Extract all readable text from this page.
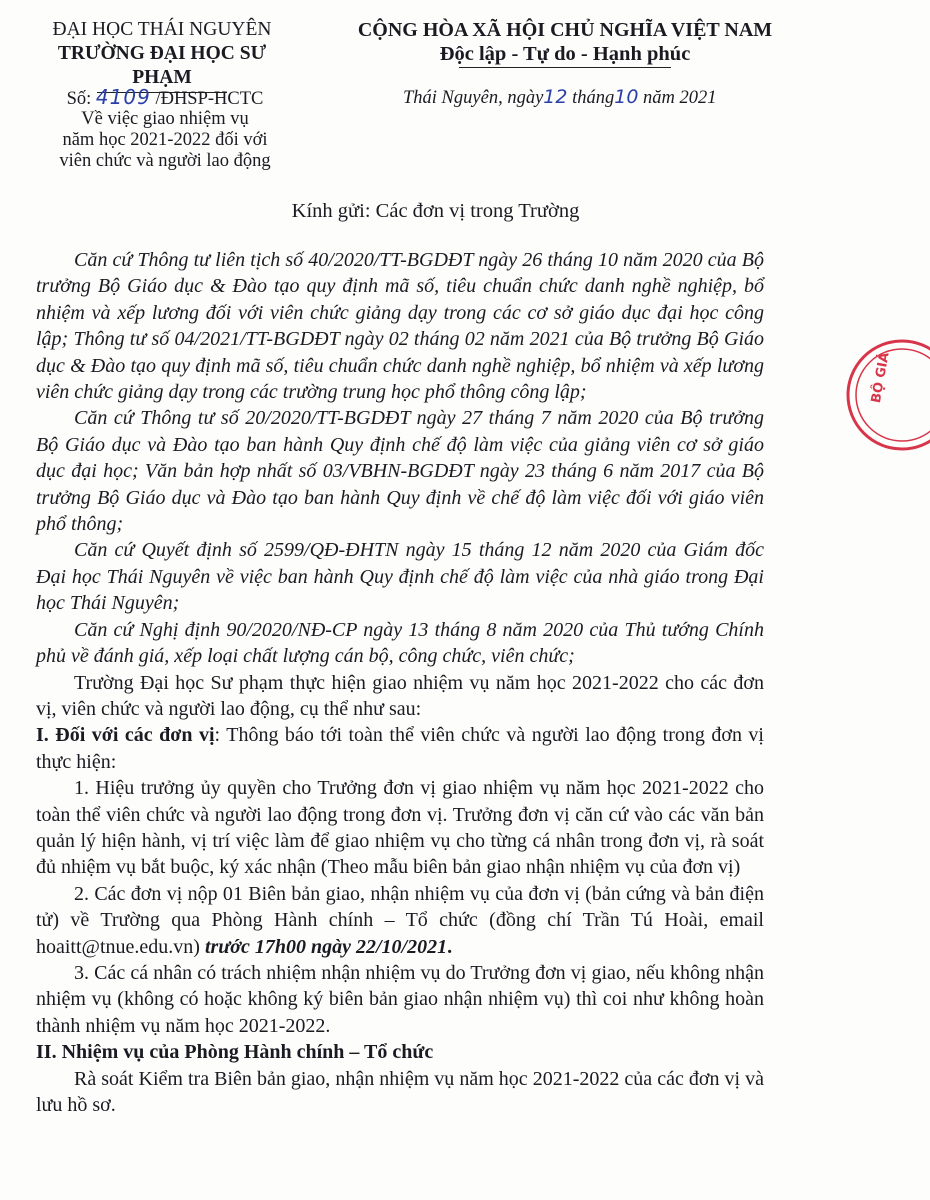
ĐẠI HỌC THÁI NGUYÊN
TRƯỜNG ĐẠI HỌC SƯ PHẠM
CỘNG HÒA XÃ HỘI CHỦ NGHĨA VIỆT NAM
Độc lập - Tự do - Hạnh phúc
Số: 4109 /ĐHSP-HCTC
Về việc giao nhiệm vụ
năm học 2021-2022 đối với
viên chức và người lao động
Thái Nguyên, ngày12 tháng10 năm 2021
Kính gửi: Các đơn vị trong Trường

Căn cứ Thông tư liên tịch số 40/2020/TT-BGDĐT ngày 26 tháng 10 năm 2020 của Bộ trưởng Bộ Giáo dục & Đào tạo quy định mã số, tiêu chuẩn chức danh nghề nghiệp, bổ nhiệm và xếp lương đối với viên chức giảng dạy trong các cơ sở giáo dục đại học công lập; Thông tư số 04/2021/TT-BGDĐT ngày 02 tháng 02 năm 2021 của Bộ trưởng Bộ Giáo dục & Đào tạo quy định mã số, tiêu chuẩn chức danh nghề nghiệp, bổ nhiệm và xếp lương viên chức giảng dạy trong các trường trung học phổ thông công lập;

Căn cứ Thông tư số 20/2020/TT-BGDĐT ngày 27 tháng 7 năm 2020 của Bộ trưởng Bộ Giáo dục và Đào tạo ban hành Quy định chế độ làm việc của giảng viên cơ sở giáo dục đại học; Văn bản hợp nhất số 03/VBHN-BGDĐT ngày 23 tháng 6 năm 2017 của Bộ trưởng Bộ Giáo dục và Đào tạo ban hành Quy định về chế độ làm việc đối với giáo viên phổ thông;

Căn cứ Quyết định số 2599/QĐ-ĐHTN ngày 15 tháng 12 năm 2020 của Giám đốc Đại học Thái Nguyên về việc ban hành Quy định chế độ làm việc của nhà giáo trong Đại học Thái Nguyên;

Căn cứ Nghị định 90/2020/NĐ-CP ngày 13 tháng 8 năm 2020 của Thủ tướng Chính phủ về đánh giá, xếp loại chất lượng cán bộ, công chức, viên chức;

Trường Đại học Sư phạm thực hiện giao nhiệm vụ năm học 2021-2022 cho các đơn vị, viên chức và người lao động, cụ thể như sau:

I. Đối với các đơn vị: Thông báo tới toàn thể viên chức và người lao động trong đơn vị thực hiện:

1. Hiệu trưởng ủy quyền cho Trưởng đơn vị giao nhiệm vụ năm học 2021-2022 cho toàn thể viên chức và người lao động trong đơn vị. Trưởng đơn vị căn cứ vào các văn bản quản lý hiện hành, vị trí việc làm để giao nhiệm vụ cho từng cá nhân trong đơn vị, rà soát đủ nhiệm vụ bắt buộc, ký xác nhận (Theo mẫu biên bản giao nhận nhiệm vụ của đơn vị)

2. Các đơn vị nộp 01 Biên bản giao, nhận nhiệm vụ của đơn vị (bản cứng và bản điện tử) về Trường qua Phòng Hành chính – Tổ chức (đồng chí Trần Tú Hoài, email hoaitt@tnue.edu.vn) trước 17h00 ngày 22/10/2021.

3. Các cá nhân có trách nhiệm nhận nhiệm vụ do Trưởng đơn vị giao, nếu không nhận nhiệm vụ (không có hoặc không ký biên bản giao nhận nhiệm vụ) thì coi như không hoàn thành nhiệm vụ năm học 2021-2022.

II. Nhiệm vụ của Phòng Hành chính – Tổ chức

Rà soát Kiểm tra Biên bản giao, nhận nhiệm vụ năm học 2021-2022 của các đơn vị và lưu hồ sơ.

BỘ GIÁ
